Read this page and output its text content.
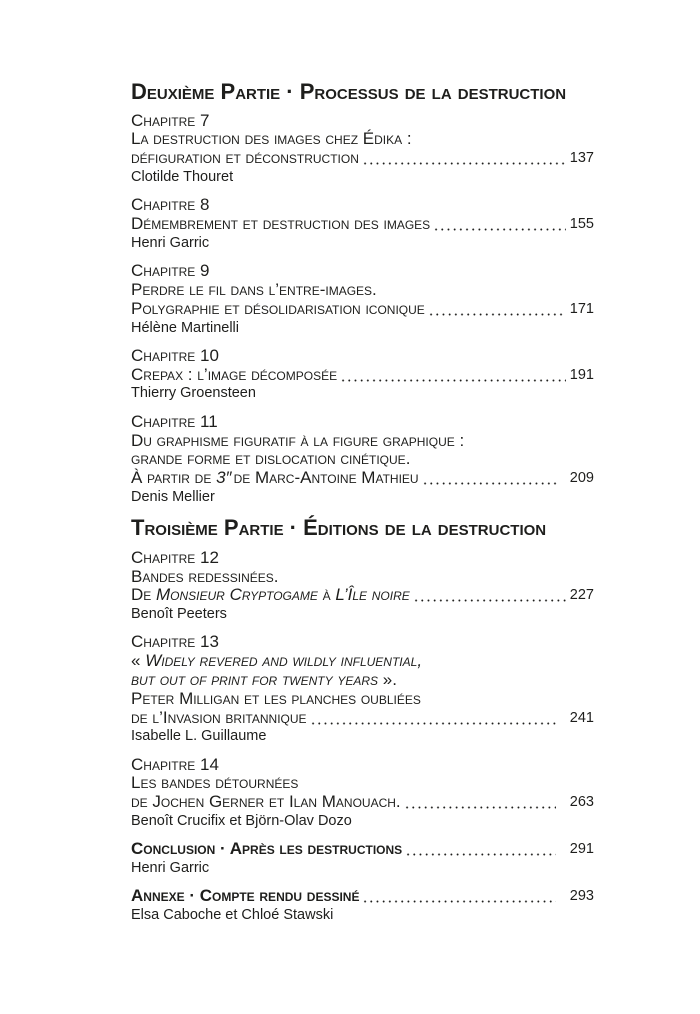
Deuxième Partie · Processus de la destruction
Chapitre 7
La destruction des images chez Édika :
défiguration et déconstruction	137
Clotilde Thouret
Chapitre 8
Démembrement et destruction des images	155
Henri Garric
Chapitre 9
Perdre le fil dans l’entre-images.
Polygraphie et désolidarisation iconique	171
Hélène Martinelli
Chapitre 10
Crepax : l’image décomposée	191
Thierry Groensteen
Chapitre 11
Du graphisme figuratif à la figure graphique :
grande forme et dislocation cinétique.
À partir de 3″ de Marc-Antoine Mathieu	209
Denis Mellier
Troisième Partie · Éditions de la destruction
Chapitre 12
Bandes redessinées.
De Monsieur Cryptogame à L’Île noire	227
Benoît Peeters
Chapitre 13
« Widely revered and wildly influential,
but out of print for twenty years ».
Peter Milligan et les planches oubliées
de l’Invasion britannique	241
Isabelle L. Guillaume
Chapitre 14
Les bandes détournées
de Jochen Gerner et Ilan Manouach.	263
Benoît Crucifix et Björn-Olav Dozo
Conclusion · Après les destructions	291
Henri Garric
Annexe · Compte rendu dessiné	293
Elsa Caboche et Chloé Stawski
